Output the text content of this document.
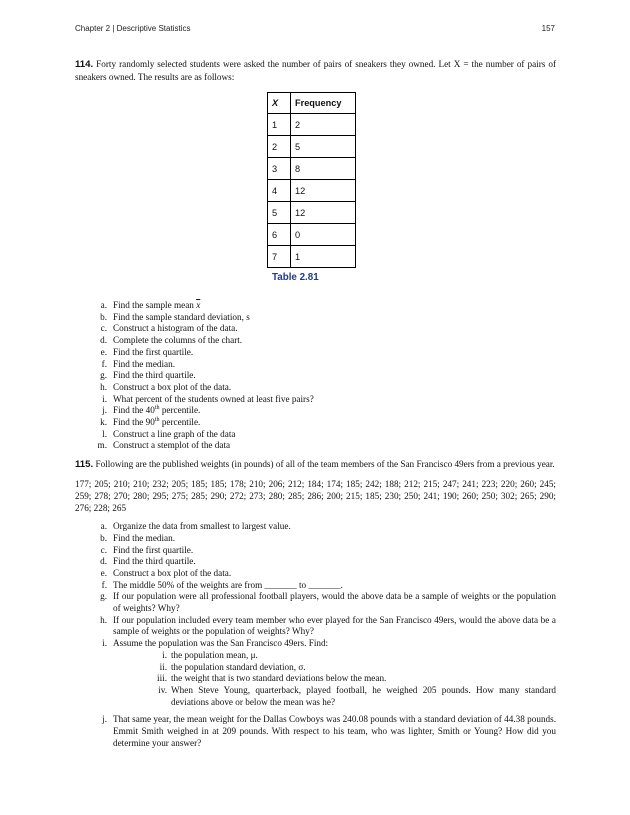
Chapter 2 | Descriptive Statistics	157

114. Forty randomly selected students were asked the number of pairs of sneakers they owned. Let X = the number of pairs of sneakers owned. The results are as follows:

X	Frequency
1	2
2	5
3	8
4	12
5	12
6	0
7	1
Table 2.81
a. Find the sample mean $\overline{x}$
b. Find the sample standard deviation, s
c. Construct a histogram of the data.
d. Complete the columns of the chart.
e. Find the first quartile.
f. Find the median.
g. Find the third quartile.
h. Construct a box plot of the data.
i. What percent of the students owned at least five pairs?
j. Find the 40th percentile.
k. Find the 90th percentile.
l. Construct a line graph of the data
m. Construct a stemplot of the data

115. Following are the published weights (in pounds) of all of the team members of the San Francisco 49ers from a previous year.

177; 205; 210; 210; 232; 205; 185; 185; 178; 210; 206; 212; 184; 174; 185; 242; 188; 212; 215; 247; 241; 223; 220; 260; 245; 259; 278; 270; 280; 295; 275; 285; 290; 272; 273; 280; 285; 286; 200; 215; 185; 230; 250; 241; 190; 260; 250; 302; 265; 290; 276; 228; 265

a. Organize the data from smallest to largest value.
b. Find the median.
c. Find the first quartile.
d. Find the third quartile.
e. Construct a box plot of the data.
f. The middle 50% of the weights are from _______ to _______.
g. If our population were all professional football players, would the above data be a sample of weights or the population of weights? Why?
h. If our population included every team member who ever played for the San Francisco 49ers, would the above data be a sample of weights or the population of weights? Why?
i. Assume the population was the San Francisco 49ers. Find:
i. the population mean, μ.
ii. the population standard deviation, σ.
iii. the weight that is two standard deviations below the mean.
iv. When Steve Young, quarterback, played football, he weighed 205 pounds. How many standard deviations above or below the mean was he?
j. That same year, the mean weight for the Dallas Cowboys was 240.08 pounds with a standard deviation of 44.38 pounds. Emmit Smith weighed in at 209 pounds. With respect to his team, who was lighter, Smith or Young? How did you determine your answer?
